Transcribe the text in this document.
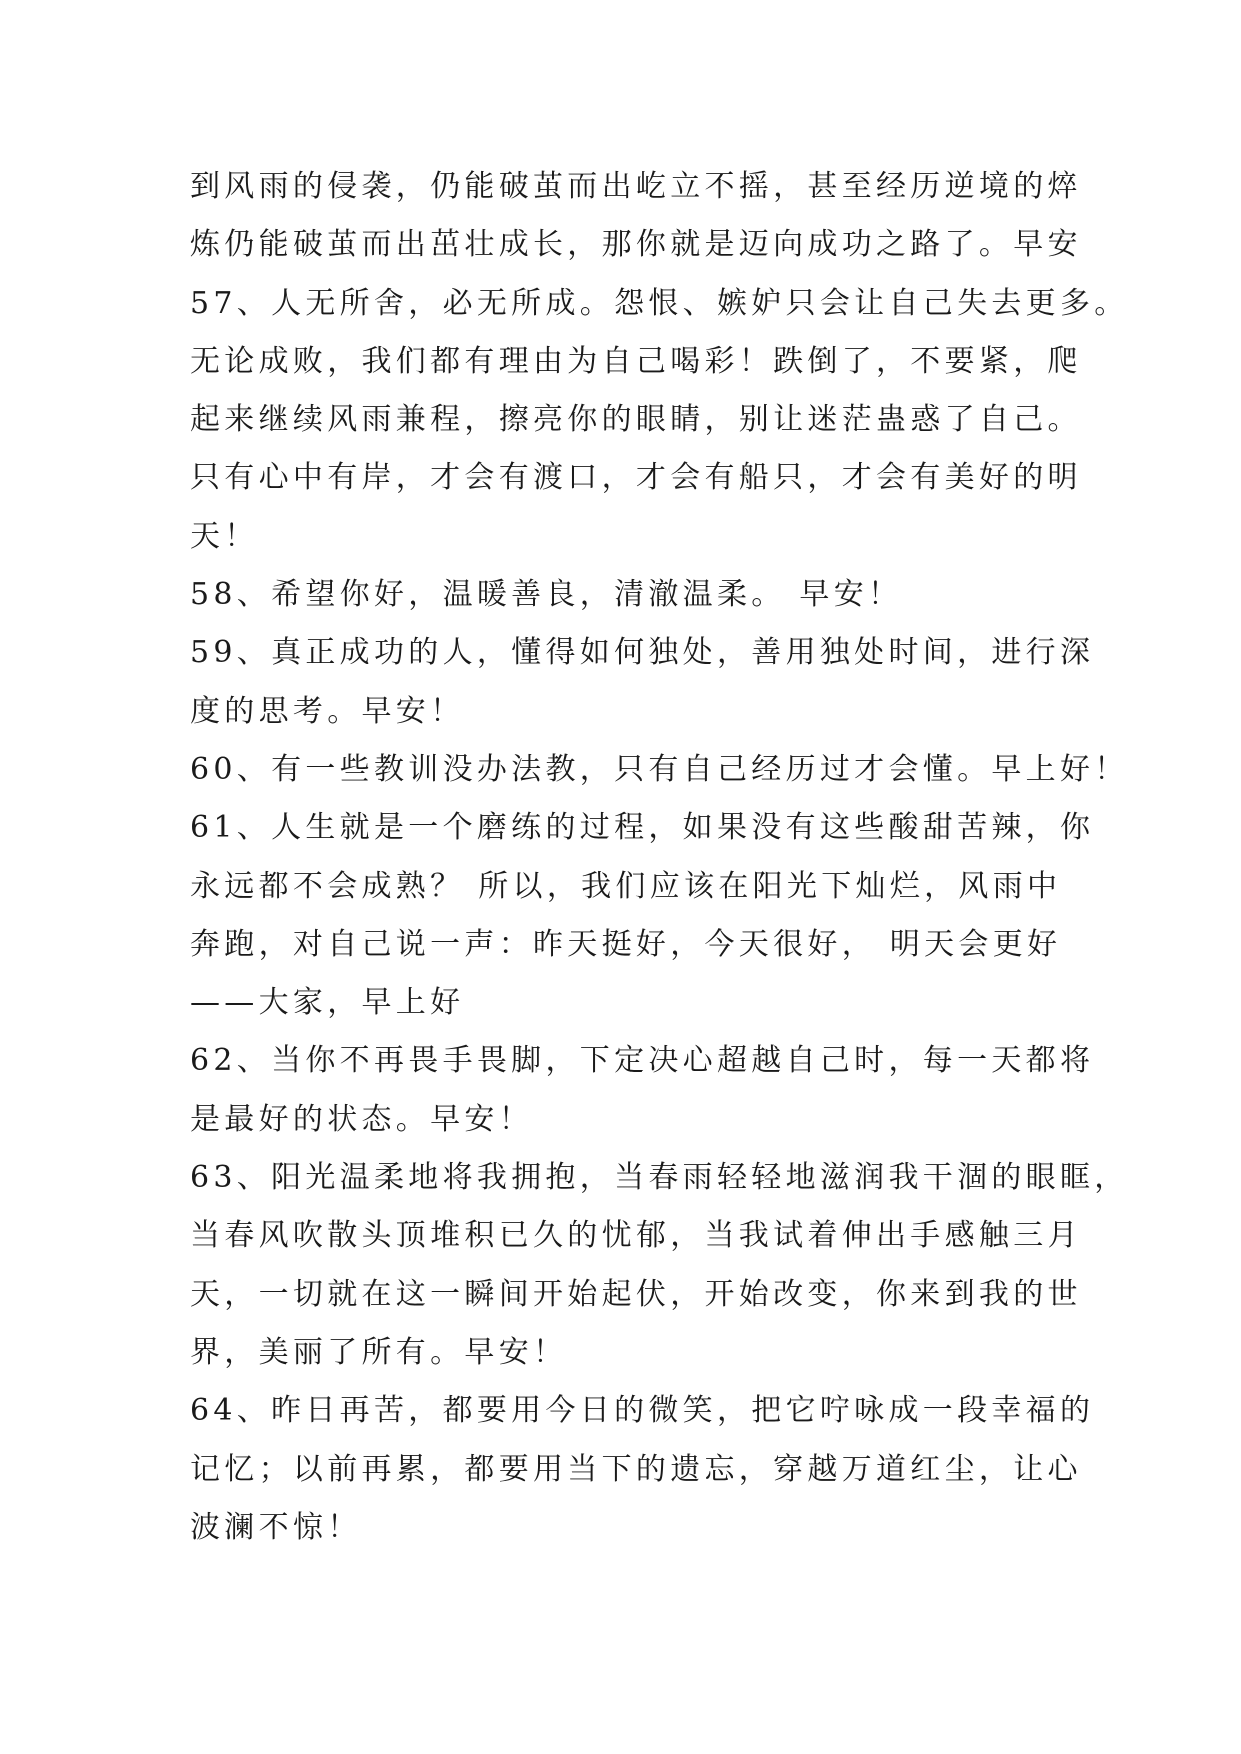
到风雨的侵袭，仍能破茧而出屹立不摇，甚至经历逆境的焠
炼仍能破茧而出茁壮成长，那你就是迈向成功之路了。早安
57、人无所舍，必无所成。怨恨、嫉妒只会让自己失去更多。
无论成败，我们都有理由为自己喝彩！跌倒了，不要紧，爬
起来继续风雨兼程，擦亮你的眼睛，别让迷茫蛊惑了自己。
只有心中有岸，才会有渡口，才会有船只，才会有美好的明
天！
58、希望你好，温暖善良，清澈温柔。 早安！
59、真正成功的人，懂得如何独处，善用独处时间，进行深
度的思考。早安！
60、有一些教训没办法教，只有自己经历过才会懂。早上好！
61、人生就是一个磨练的过程，如果没有这些酸甜苦辣，你
永远都不会成熟？ 所以，我们应该在阳光下灿烂，风雨中
奔跑，对自己说一声：昨天挺好，今天很好， 明天会更好
——大家，早上好
62、当你不再畏手畏脚，下定决心超越自己时，每一天都将
是最好的状态。早安！
63、阳光温柔地将我拥抱，当春雨轻轻地滋润我干涸的眼眶，
当春风吹散头顶堆积已久的忧郁，当我试着伸出手感触三月
天，一切就在这一瞬间开始起伏，开始改变，你来到我的世
界，美丽了所有。早安！
64、昨日再苦，都要用今日的微笑，把它咛咏成一段幸福的
记忆；以前再累，都要用当下的遗忘，穿越万道红尘，让心
波澜不惊！
